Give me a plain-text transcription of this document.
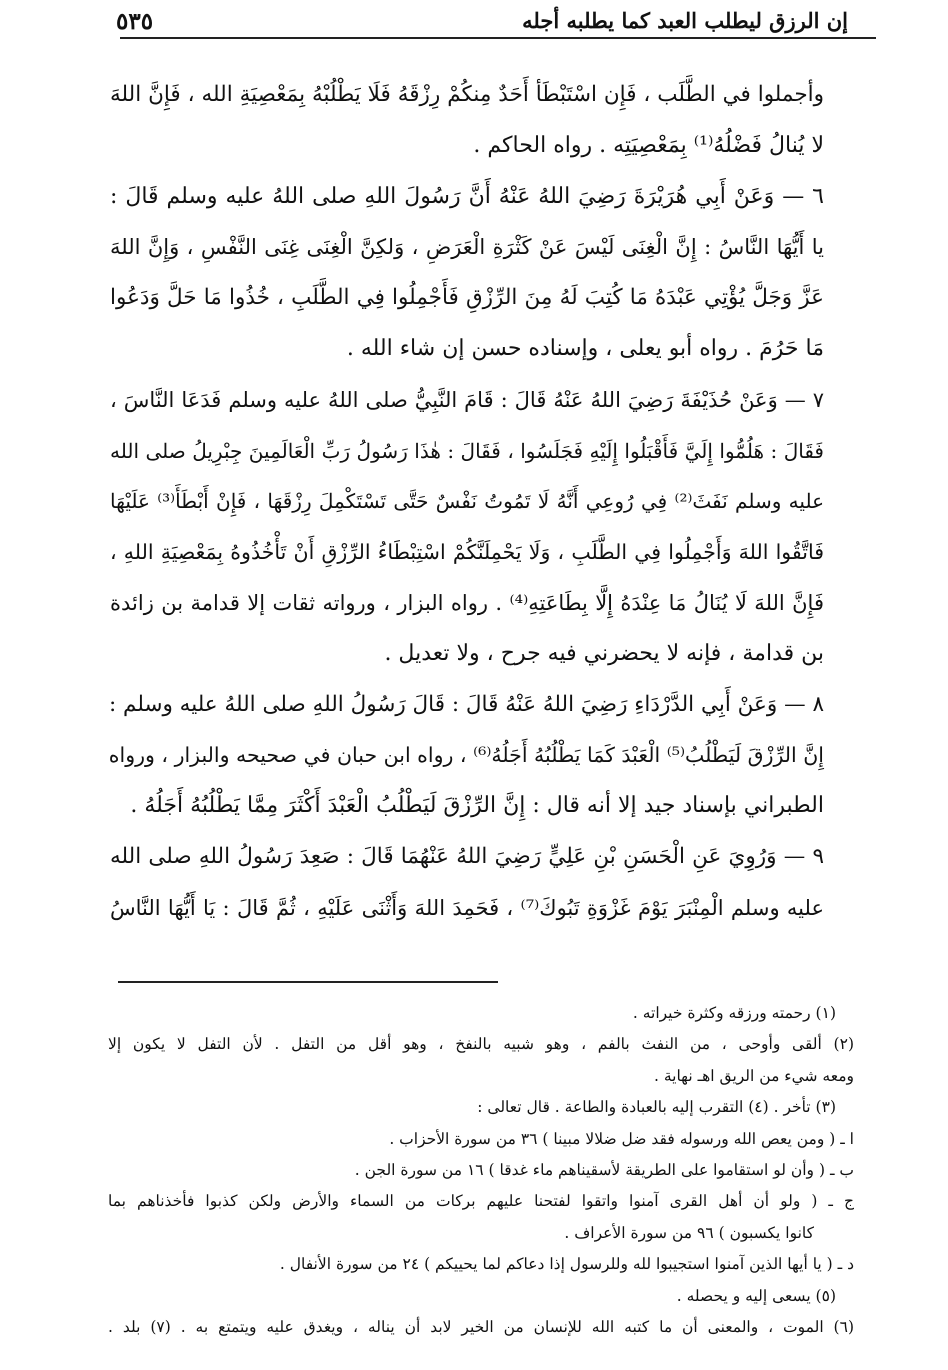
٥٣٥	إن الرزق ليطلب العبد كما يطلبه أجله
وأجملوا في الطَّلَب ، فَإِن اسْتَبْطَأ أَحَدٌ مِنكُمْ رِزْقَهُ فَلَا يَطْلُبْهُ بِمَعْصِيَةِ الله ، فَإِنَّ اللهَ
لا يُنالُ فَضْلُهُ⁽¹⁾ بِمَعْصِيَتِه . رواه الحاكم .
٦ — وَعَنْ أَبِي هُرَيْرَةَ رَضِيَ اللهُ عَنْهُ أَنَّ رَسُولَ اللهِ صلى اللهُ عليه وسلم قَالَ :
يا أَيُّهَا النَّاسُ : إِنَّ الْغِنَى لَيْسَ عَنْ كَثْرَةِ الْعَرَضِ ، وَلكِنَّ الْغِنَى غِنَى النَّفْسِ ، وَإِنَّ اللهَ
عَزَّ وَجَلَّ يُؤْتِي عَبْدَهُ مَا كُتِبَ لَهُ مِنَ الرِّزْقِ فَأَجْمِلُوا فِي الطَّلَبِ ، خُذُوا مَا حَلَّ وَدَعُوا
مَا حَرُمَ . رواه أبو يعلى ، وإسناده حسن إن شاء الله .
٧ — وَعَنْ حُذَيْفَةَ رَضِيَ اللهُ عَنْهُ قَالَ : قَامَ النَّبِيُّ صلى اللهُ عليه وسلم فَدَعَا النَّاسَ ،
فَقَالَ : هَلُمُّوا إِلَيَّ فَأَقْبَلُوا إِلَيْهِ فَجَلَسُوا ، فَقَالَ : هٰذَا رَسُولُ رَبِّ الْعَالَمِينَ جِبْرِيلُ صلى الله
عليه وسلم نَفَثَ⁽²⁾ فِي رُوعِي أَنَّهُ لَا تَمُوتُ نَفْسٌ حَتَّى تَسْتَكْمِلَ رِزْقَهَا ، فَإِنْ أَبْطَأَ⁽³⁾ عَلَيْهَا
فَاتَّقُوا اللهَ وَأَجْمِلُوا فِي الطَّلَبِ ، وَلَا يَحْمِلَنَّكُمْ اسْتِبْطَاءُ الرِّزْقِ أَنْ تَأْخُذُوهُ بِمَعْصِيَةِ اللهِ ،
فَإِنَّ اللهَ لَا يُنَالُ مَا عِنْدَهُ إِلَّا بِطَاعَتِهِ⁽⁴⁾ . رواه البزار ، ورواته ثقات إلا قدامة بن زائدة
بن قدامة ، فإنه لا يحضرني فيه جرح ، ولا تعديل .
٨ — وَعَنْ أَبِي الدَّرْدَاءِ رَضِيَ اللهُ عَنْهُ قَالَ : قَالَ رَسُولُ اللهِ صلى اللهُ عليه وسلم :
إِنَّ الرِّزْقَ لَيَطْلُبُ⁽⁵⁾ الْعَبْدَ كَمَا يَطْلُبُهُ أَجَلُهُ⁽⁶⁾ ، رواه ابن حبان في صحيحه والبزار ، ورواه
الطبراني بإسناد جيد إلا أنه قال : إِنَّ الرِّزْقَ لَيَطْلُبُ الْعَبْدَ أَكْثَرَ مِمَّا يَطْلُبُهُ أَجَلُهُ .
٩ — وَرُوِيَ عَنِ الْحَسَنِ بْنِ عَلِيٍّ رَضِيَ اللهُ عَنْهُمَا قَالَ : صَعِدَ رَسُولُ اللهِ صلى الله
عليه وسلم الْمِنْبَرَ يَوْمَ غَزْوَةِ تَبُوكَ⁽⁷⁾ ، فَحَمِدَ اللهَ وَأَثْنَى عَلَيْهِ ، ثُمَّ قَالَ : يَا أَيُّهَا النَّاسُ
(١) رحمته ورزقه وكثرة خيراته .
(٢) ألقى وأوحى ، من النفث بالفم ، وهو شبيه بالنفخ ، وهو أقل من التفل . لأن التفل لا يكون إلا
ومعه شيء من الريق اهـ نهاية .
(٣) تأخر . (٤) التقرب إليه بالعبادة والطاعة . قال تعالى :
ا ـ ( ومن يعص الله ورسوله فقد ضل ضلالا مبينا ) ٣٦ من سورة الأحزاب .
ب ـ ( وأن لو استقاموا على الطريقة لأسقيناهم ماء غدقا ) ١٦ من سورة الجن .
ج ـ ( ولو أن أهل القرى آمنوا واتقوا لفتحنا عليهم بركات من السماء والأرض ولكن كذبوا فأخذناهم بما
كانوا يكسبون ) ٩٦ من سورة الأعراف .
د ـ ( يا أيها الذين آمنوا استجيبوا لله وللرسول إذا دعاكم لما يحييكم ) ٢٤ من سورة الأنفال .
(٥) يسعى إليه و يحصله .
(٦) الموت ، والمعنى أن ما كتبه الله للإنسان من الخير لابد أن يناله ، ويغدق عليه ويتمتع به . (٧) بلد .
